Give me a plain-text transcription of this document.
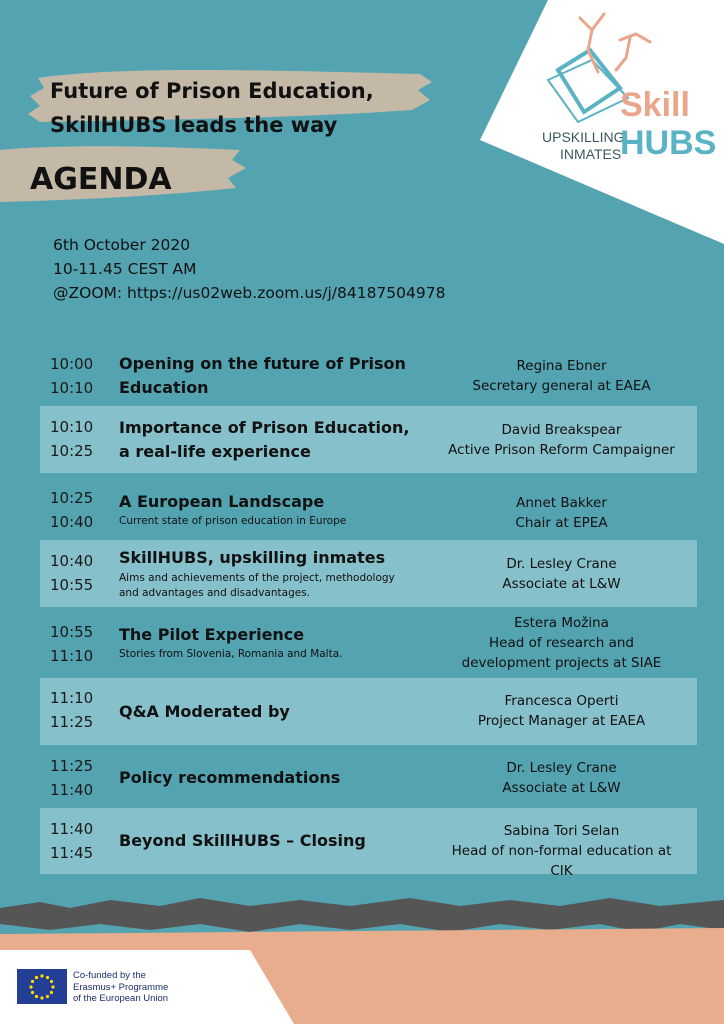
Future of Prison Education,
SkillHUBS leads the way
AGENDA
UPSKILLING
INMATES
Skill
HUBS
6th October 2020
10-11.45 CEST AM
@ZOOM: https://us02web.zoom.us/j/84187504978
10:00
10:10
Opening on the future of Prison
Education
Regina Ebner
Secretary general at EAEA
10:10
10:25
Importance of Prison Education,
a real-life experience
David Breakspear
Active Prison Reform Campaigner
10:25
10:40
A European Landscape
Current state of prison education in Europe
Annet Bakker
Chair at EPEA
10:40
10:55
SkillHUBS, upskilling inmates
Aims and achievements of the project, methodology
and advantages and disadvantages.
Dr. Lesley Crane
Associate at L&W
10:55
11:10
The Pilot Experience
Stories from Slovenia, Romania and Malta.
Estera Možina
Head of research and
development projects at SIAE
11:10
11:25
Q&A Moderated by
Francesca Operti
Project Manager at EAEA
11:25
11:40
Policy recommendations	Dr. Lesley Crane
Associate at L&W
11:40
11:45
Beyond SkillHUBS – Closing	Sabina Tori Selan
Head of non-formal education at CIK
Co-funded by the
Erasmus+ Programme
of the European Union
